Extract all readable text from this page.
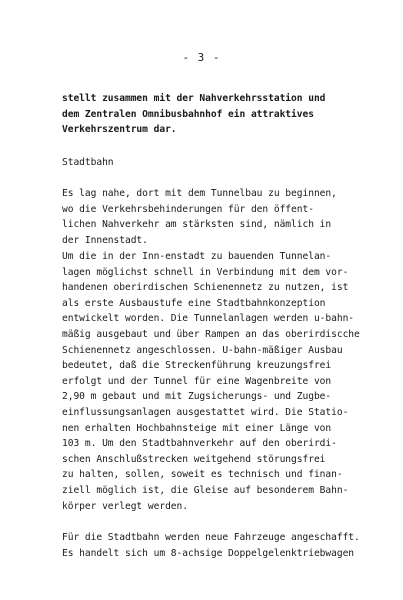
- 3 -
stellt zusammen mit der Nahverkehrsstation und
dem Zentralen Omnibusbahnhof ein attraktives
Verkehrszentrum dar.
Stadtbahn
Es lag nahe, dort mit dem Tunnelbau zu beginnen,
wo die Verkehrsbehinderungen für den öffent-
lichen Nahverkehr am stärksten sind, nämlich in
der Innenstadt.
Um die in der Inn-enstadt zu bauenden Tunnelan-
lagen möglichst schnell in Verbindung mit dem vor-
handenen oberirdischen Schienennetz zu nutzen, ist
als erste Ausbaustufe eine Stadtbahnkonzeption
entwickelt worden. Die Tunnelanlagen werden u-bahn-
mäßig ausgebaut und über Rampen an das oberirdiscche
Schienennetz angeschlossen. U-bahn-mäßiger Ausbau
bedeutet, daß die Streckenführung kreuzungsfrei
erfolgt und der Tunnel für eine Wagenbreite von
2,90 m gebaut und mit Zugsicherungs- und Zugbe-
einflussungsanlagen ausgestattet wird. Die Statio-
nen erhalten Hochbahnsteige mit einer Länge von
103 m. Um den Stadtbahnverkehr auf den oberirdi-
schen Anschlußstrecken weitgehend störungsfrei
zu halten, sollen, soweit es technisch und finan-
ziell möglich ist, die Gleise auf besonderem Bahn-
körper verlegt werden.
Für die Stadtbahn werden neue Fahrzeuge angeschafft.
Es handelt sich um 8-achsige Doppelgelenktriebwagen
